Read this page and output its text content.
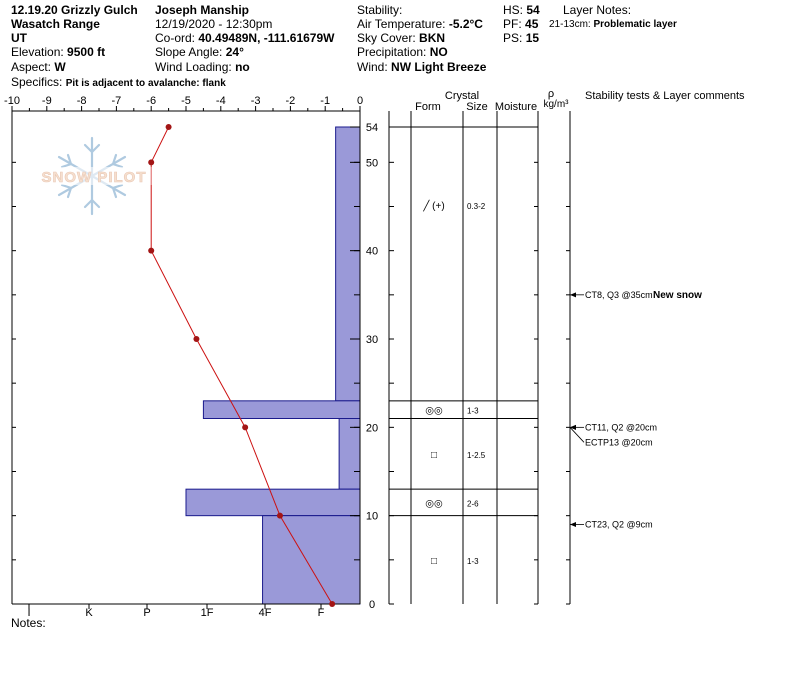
12.19.20 Grizzly Gulch
Wasatch Range
UT
Elevation: 9500 ft
Aspect: W
Specifics: Pit is adjacent to avalanche: flank
Joseph Manship
12/19/2020 - 12:30pm
Co-ord: 40.49489N, -111.61679W
Slope Angle: 24°
Wind Loading: no
Stability:
Air Temperature: -5.2°C
Sky Cover: BKN
Precipitation: NO
Wind: NW Light Breeze
HS: 54
PF: 45
PS: 15
Layer Notes:
21-13cm: Problematic layer
-10 -9 -8 -7 -6 -5 -4 -3 -2 -1 0
I	K	P	1F	4F	F
0
10
20
30
40
50
54
SNOW PILOT
╱ (+)	0.3-2
◎◎	1-3
□	1-2.5
◎◎	2-6
□	1-3
CT8, Q3 @35cm New snow
CT11, Q2 @20cm
ECTP13 @20cm
CT23, Q2 @9cm
Crystal
Form Size Moisture
ρ
kg/m³
Stability tests & Layer comments
Notes:
